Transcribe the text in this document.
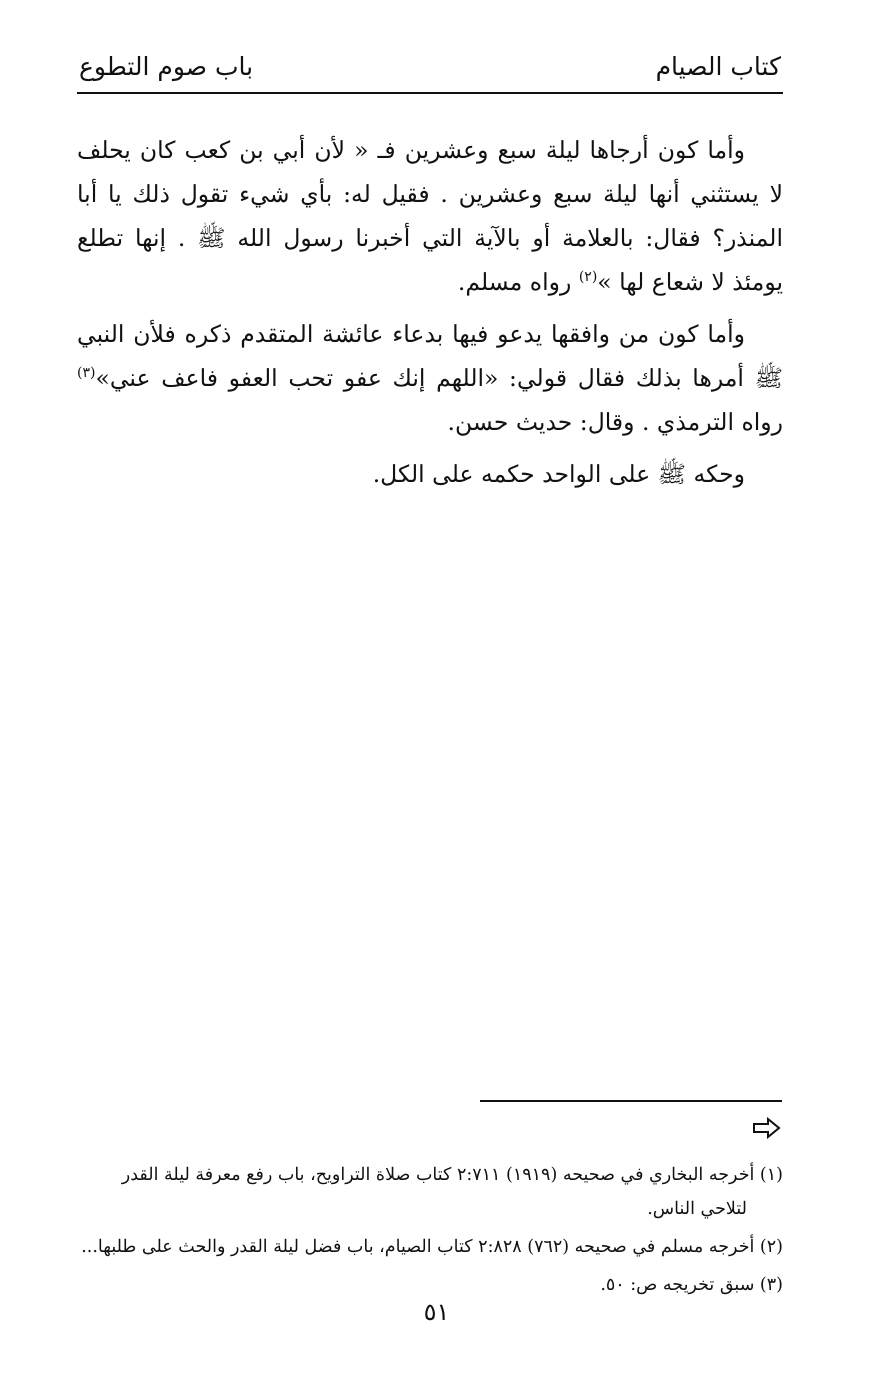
كتاب الصيام
باب صوم التطوع

وأما كون أرجاها ليلة سبع وعشرين فـ « لأن أبي بن كعب كان يحلف لا يستثني أنها ليلة سبع وعشرين . فقيل له: بأي شيء تقول ذلك يا أبا المنذر؟ فقال: بالعلامة أو بالآية التي أخبرنا رسول الله ﷺ . إنها تطلع يومئذ لا شعاع لها »$^{(٢)}$ رواه مسلم.

وأما كون من وافقها يدعو فيها بدعاء عائشة المتقدم ذكره فلأن النبي ﷺ أمرها بذلك فقال قولي: «اللهم إنك عفو تحب العفو فاعف عني»$^{(٣)}$ رواه الترمذي . وقال: حديث حسن.

وحكه ﷺ على الواحد حكمه على الكل.

(١) أخرجه البخاري في صحيحه (١٩١٩) ٢:٧١١ كتاب صلاة التراويح، باب رفع معرفة ليلة القدر
لتلاحي الناس.
(٢) أخرجه مسلم في صحيحه (٧٦٢) ٢:٨٢٨ كتاب الصيام، باب فضل ليلة القدر والحث على طلبها...
(٣) سبق تخريجه ص: ٥٠.
٥١
